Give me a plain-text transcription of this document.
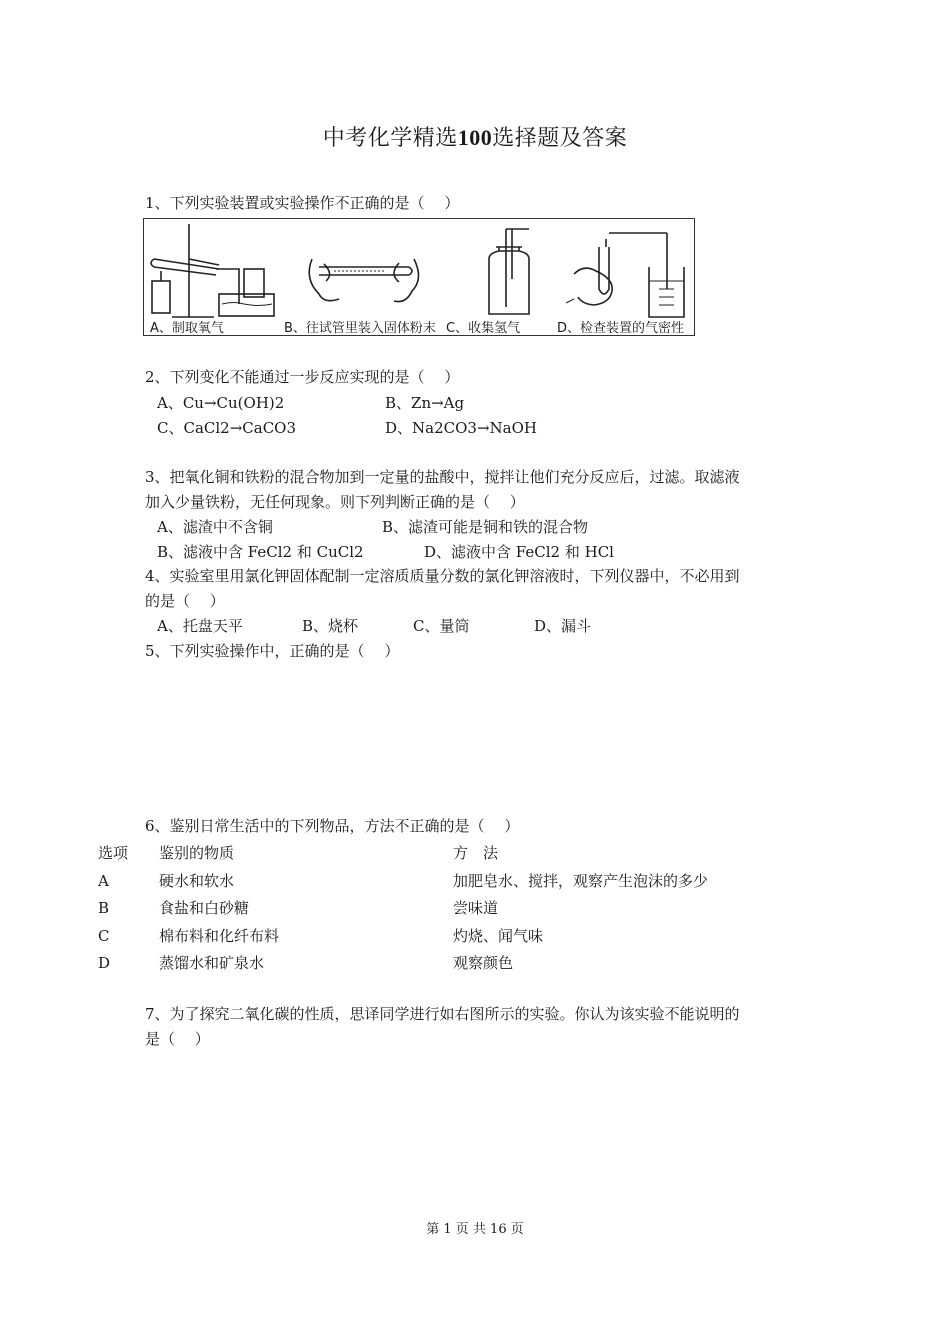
中考化学精选100选择题及答案
1、下列实验装置或实验操作不正确的是（　 ）
A、制取氧气	B、往试管里装入固体粉末 C、收集氢气	D、检查装置的气密性
2、下列变化不能通过一步反应实现的是（　 ）
A、Cu→Cu(OH)2	B、Zn→Ag
C、CaCl2→CaCO3	D、Na2CO3→NaOH
3、把氧化铜和铁粉的混合物加到一定量的盐酸中，搅拌让他们充分反应后，过滤。取滤液
加入少量铁粉，无任何现象。则下列判断正确的是（　 ）
A、滤渣中不含铜	B、滤渣可能是铜和铁的混合物
B、滤液中含 FeCl2 和 CuCl2	D、滤液中含 FeCl2 和 HCl
4、实验室里用氯化钾固体配制一定溶质质量分数的氯化钾溶液时，下列仪器中，不必用到
的是（　 ）
A、托盘天平	B、烧杯	C、量筒	D、漏斗
5、下列实验操作中，正确的是（　 ）
6、鉴别日常生活中的下列物品，方法不正确的是（　 ）
选项 鉴别的物质	方　法
A	硬水和软水	加肥皂水、搅拌，观察产生泡沫的多少
B	食盐和白砂糖	尝味道
C	棉布料和化纤布料	灼烧、闻气味
D	蒸馏水和矿泉水	观察颜色
7、为了探究二氧化碳的性质，思译同学进行如右图所示的实验。你认为该实验不能说明的
是（　 ）
第 1 页 共 16 页
